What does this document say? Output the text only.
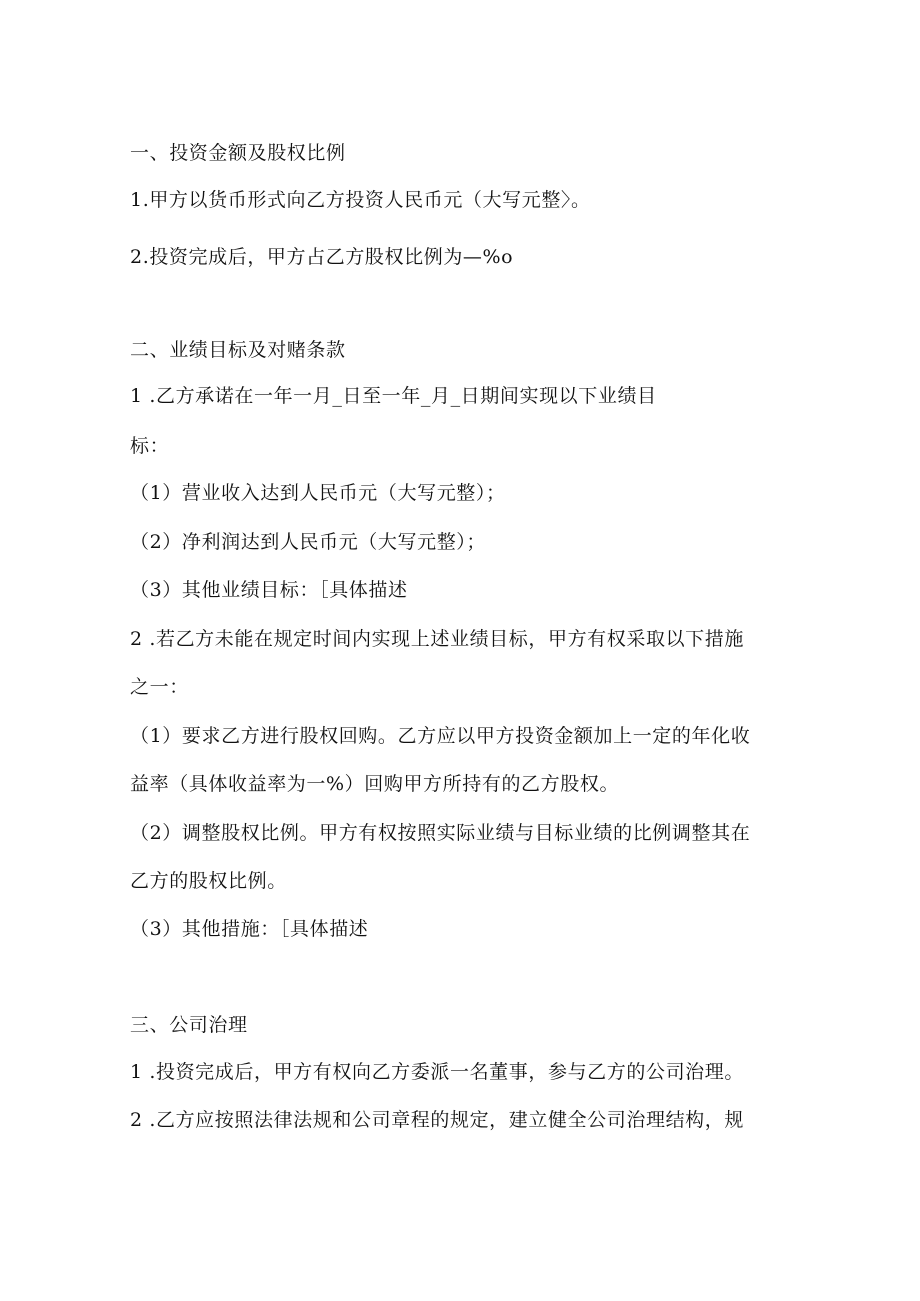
一、投资金额及股权比例
1.甲方以货币形式向乙方投资人民币元（大写元整〉。
2.投资完成后，甲方占乙方股权比例为—%o
二、业绩目标及对赌条款
1 .乙方承诺在一年一月_日至一年_月_日期间实现以下业绩目
标：
（1）营业收入达到人民币元（大写元整）；
（2）净利润达到人民币元（大写元整）；
（3）其他业绩目标：［具体描述
2 .若乙方未能在规定时间内实现上述业绩目标，甲方有权采取以下措施
之一：
（1）要求乙方进行股权回购。乙方应以甲方投资金额加上一定的年化收
益率（具体收益率为一%）回购甲方所持有的乙方股权。
（2）调整股权比例。甲方有权按照实际业绩与目标业绩的比例调整其在
乙方的股权比例。
（3）其他措施：［具体描述
三、公司治理
1 .投资完成后，甲方有权向乙方委派一名董事，参与乙方的公司治理。
2 .乙方应按照法律法规和公司章程的规定，建立健全公司治理结构，规
